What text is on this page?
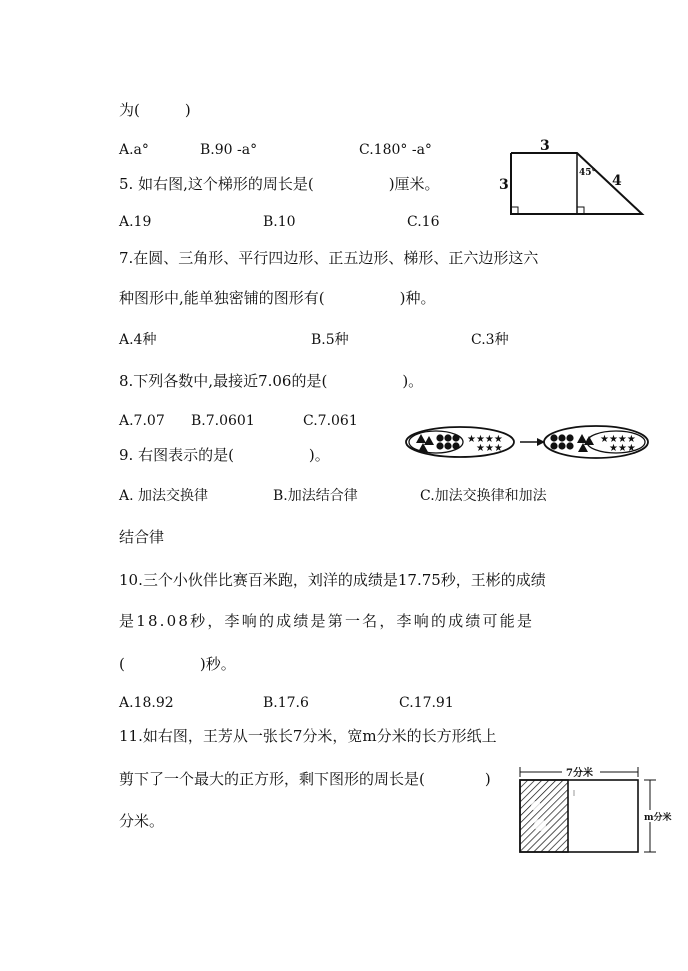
为(　　　)
A.a°	B.90 -a°	C.180° -a°
5. 如右图,这个梯形的周长是(　　　　　)厘米。
A.19	B.10	C.16
3
3	4
45°
7.在圆、三角形、平行四边形、正五边形、梯形、正六边形这六
种图形中,能单独密铺的图形有(　　　　　)种。
A.4种	B.5种	C.3种
8.下列各数中,最接近7.06的是(　　　　　)。
A.7.07 B.7.0601	C.7.061
★★★★
★★★
★★★★
★★★
9. 右图表示的是(　　　　　)。
A. 加法交换律	B.加法结合律	C.加法交换律和加法
结合律
10.三个小伙伴比赛百米跑，刘洋的成绩是17.75秒，王彬的成绩
是18.08秒，李响的成绩是第一名，李响的成绩可能是
(　　　　　)秒。
A.18.92	B.17.6	C.17.91
11.如右图，王芳从一张长7分米，宽m分米的长方形纸上
剪下了一个最大的正方形，剩下图形的周长是(　　　　)
分米。
7分米
m分米
